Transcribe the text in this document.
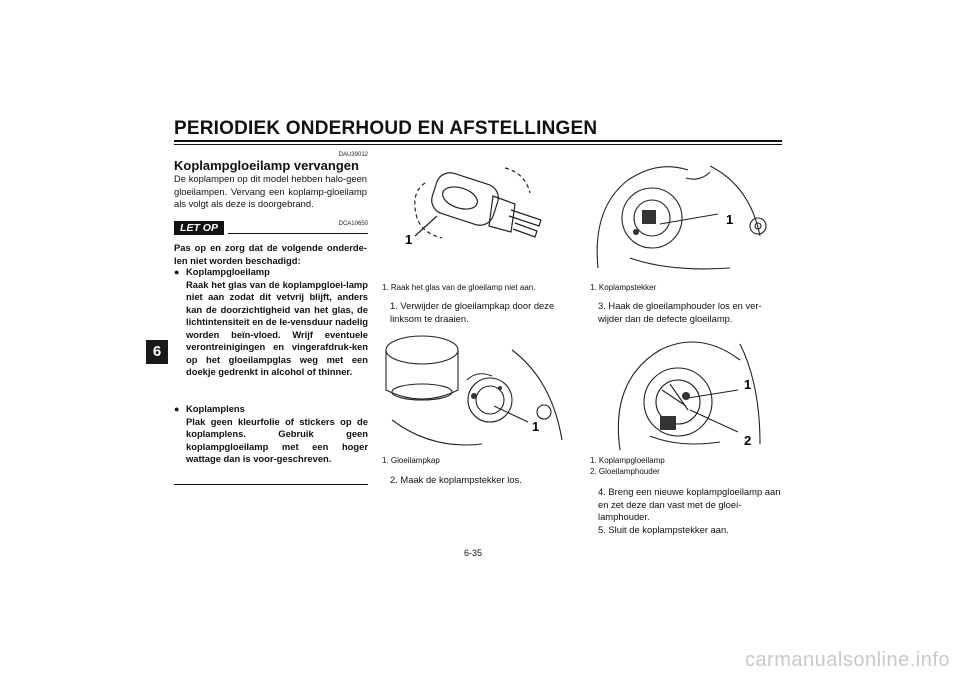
PERIODIEK ONDERHOUD EN AFSTELLINGEN
6
DAU39012
Koplampgloeilamp vervangen
De koplampen op dit model hebben halo-geen gloeilampen. Vervang een koplamp-gloeilamp als volgt als deze is doorgebrand.
LET OP	DCA10650
Pas op en zorg dat de volgende onderde-len niet worden beschadigd:
● Koplampgloeilamp
Raak het glas van de koplampgloei-lamp niet aan zodat dit vetvrij blijft, anders kan de doorzichtigheid van het glas, de lichtintensiteit en de le-vensduur nadelig worden beïn-vloed. Wrijf eventuele verontreinigingen en vingerafdruk-ken op het gloeilampglas weg met een doekje gedrenkt in alcohol of thinner.
● Koplamplens
Plak geen kleurfolie of stickers op de koplamplens. Gebruik geen koplampgloeilamp met een hoger wattage dan is voor-geschreven.
1
1. Raak het glas van de gloeilamp niet aan.
1. Verwijder de gloeilampkap door deze linksom te draaien.
1
1. Gloeilampkap
2. Maak de koplampstekker los.
1
1. Koplampstekker
3. Haak de gloeilamphouder los en ver-wijder dan de defecte gloeilamp.
1
2
1. Koplampgloeilamp
2. Gloeilamphouder
4. Breng een nieuwe koplampgloeilamp aan en zet deze dan vast met de gloei-lamphouder.
5. Sluit de koplampstekker aan.
6-35
carmanualsonline.info
